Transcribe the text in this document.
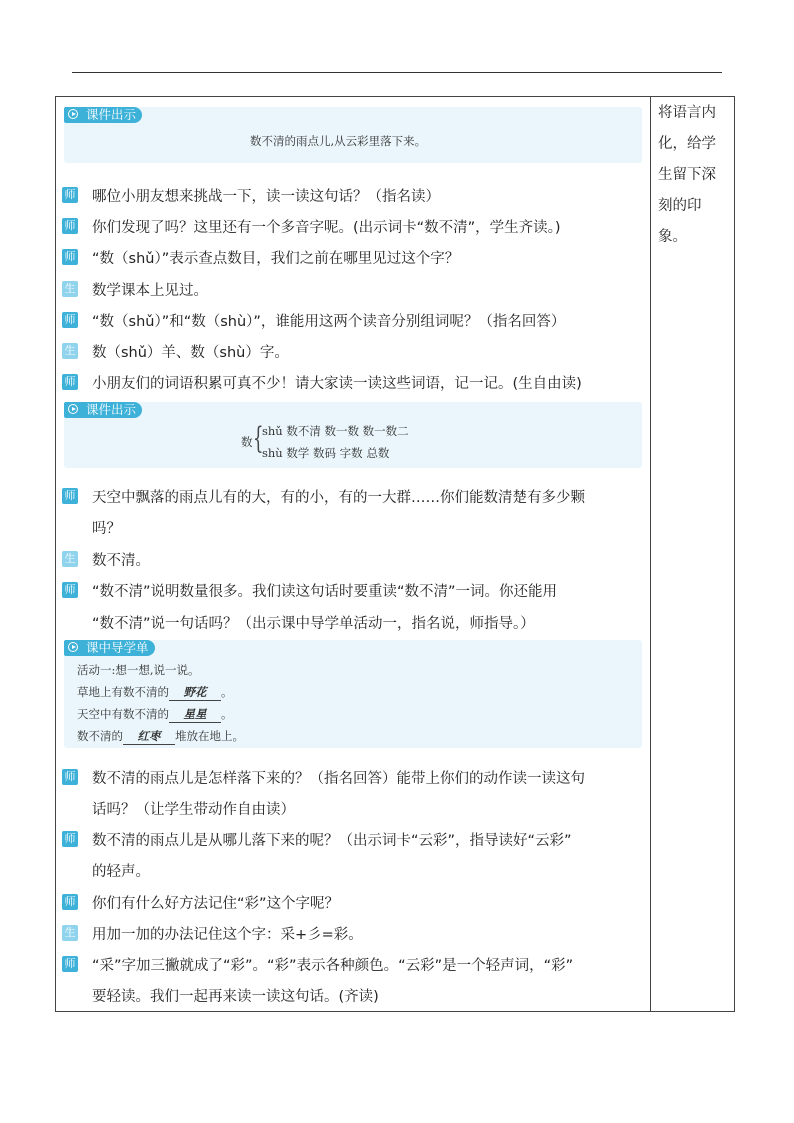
将语言内化，给学生留下深刻的印象。
课件出示
数不清的雨点儿,从云彩里落下来。
师 哪位小朋友想来挑战一下，读一读这句话？（指名读）
师 你们发现了吗？这里还有一个多音字呢。(出示词卡“数不清”，学生齐读。)
师 “数（shǔ）”表示查点数目，我们之前在哪里见过这个字？
生 数学课本上见过。
师 “数（shǔ）”和“数（shù）”，谁能用这两个读音分别组词呢？（指名回答）
生 数（shǔ）羊、数（shù）字。
师 小朋友们的词语积累可真不少！请大家读一读这些词语，记一记。(生自由读)
课件出示
数
shǔ 数不清 数一数 数一数二
shù 数学 数码 字数 总数
{
师 天空中飘落的雨点儿有的大，有的小，有的一大群……你们能数清楚有多少颗
吗？
生 数不清。
师 “数不清”说明数量很多。我们读这句话时要重读“数不清”一词。你还能用
“数不清”说一句话吗？（出示课中导学单活动一，指名说，师指导。）
课中导学单
活动一:想一想,说一说。
草地上有数不清的 野花 。
天空中有数不清的 星星 。
数不清的 红枣 堆放在地上。
师 数不清的雨点儿是怎样落下来的？（指名回答）能带上你们的动作读一读这句
话吗？（让学生带动作自由读）
师 数不清的雨点儿是从哪儿落下来的呢？（出示词卡“云彩”，指导读好“云彩”
的轻声。
师 你们有什么好方法记住“彩”这个字呢？
生 用加一加的办法记住这个字：采+彡=彩。
师 “采”字加三撇就成了“彩”。“彩”表示各种颜色。“云彩”是一个轻声词，“彩”
要轻读。我们一起再来读一读这句话。(齐读)
